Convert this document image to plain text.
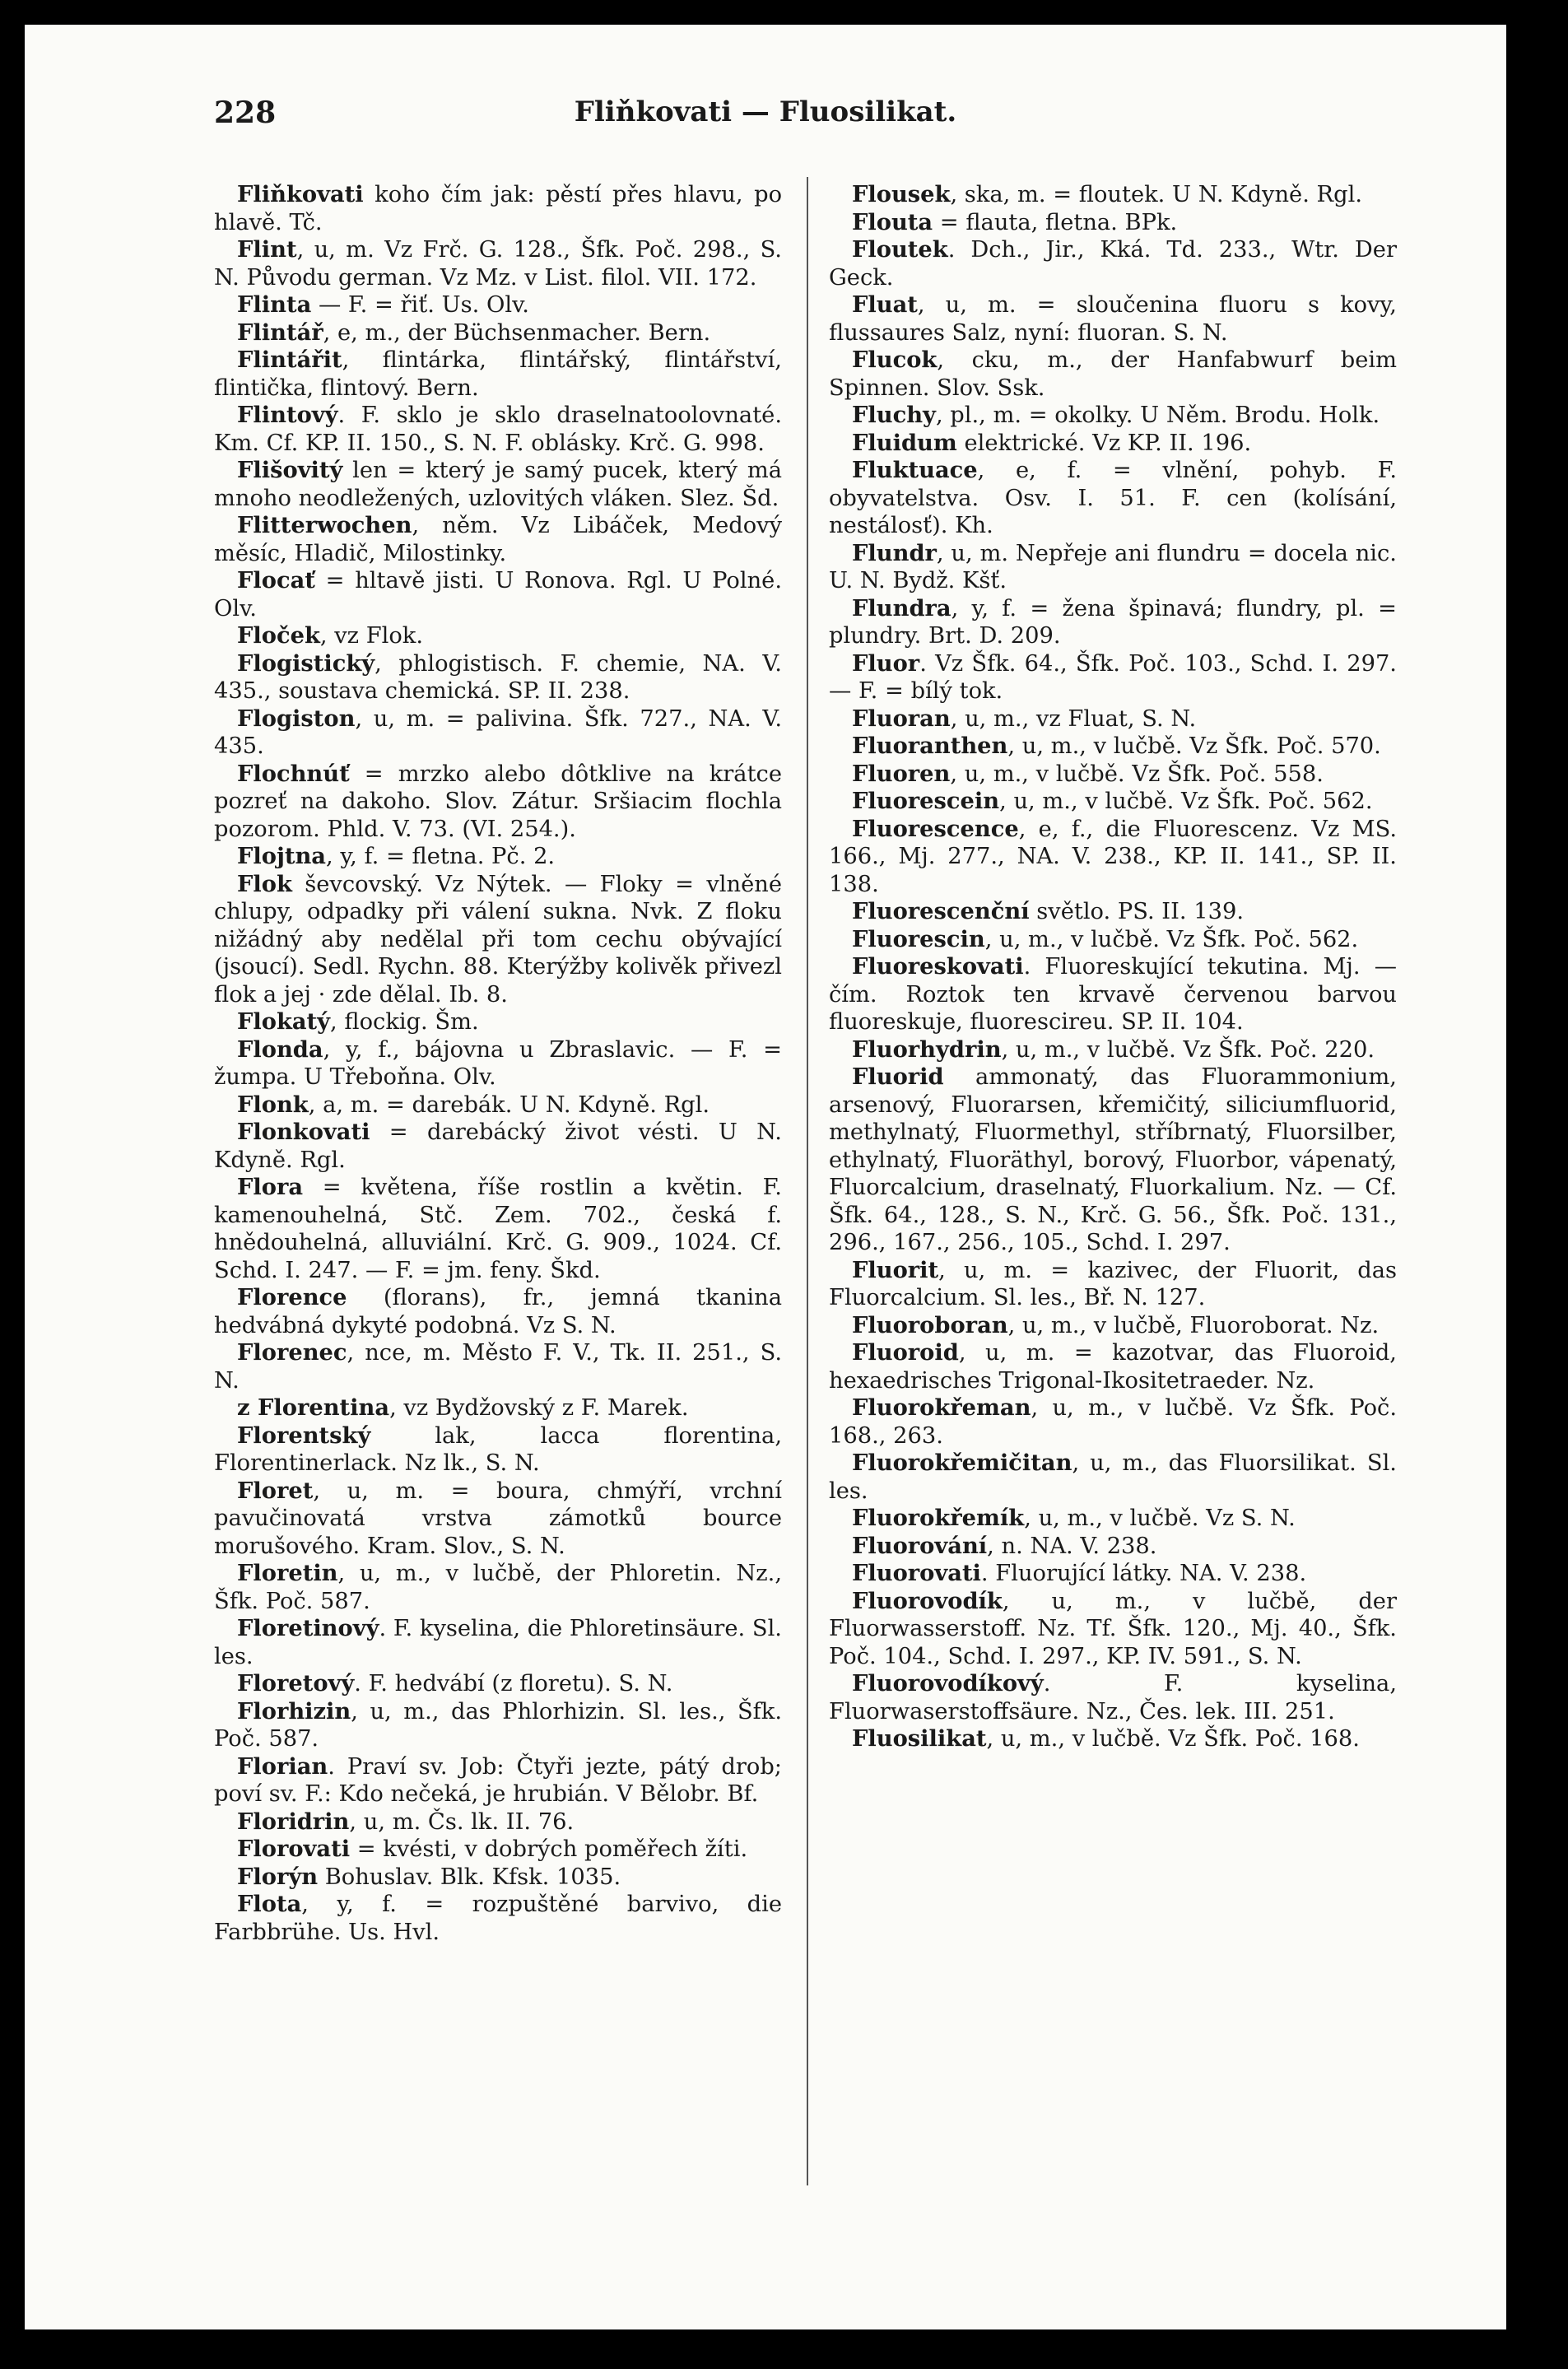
228	Fliňkovati — Fluosilikat.

Fliňkovati koho čím jak: pěstí přes hlavu, po hlavě. Tč.

Flint, u, m. Vz Frč. G. 128., Šfk. Poč. 298., S. N. Původu german. Vz Mz. v List. filol. VII. 172.

Flinta — F. = řiť. Us. Olv.

Flintář, e, m., der Büchsenmacher. Bern.

Flintářit, flintárka, flintářský, flintářství, flintička, flintový. Bern.

Flintový. F. sklo je sklo draselnatoolovnaté. Km. Cf. KP. II. 150., S. N. F. oblásky. Krč. G. 998.

Flišovitý len = který je samý pucek, který má mnoho neodležených, uzlovitých vláken. Slez. Šd.

Flitterwochen, něm. Vz Libáček, Medový měsíc, Hladič, Milostinky.

Flocať = hltavě jisti. U Ronova. Rgl. U Polné. Olv.

Floček, vz Flok.

Flogistický, phlogistisch. F. chemie, NA. V. 435., soustava chemická. SP. II. 238.

Flogiston, u, m. = palivina. Šfk. 727., NA. V. 435.

Flochnúť = mrzko alebo dôtklive na krátce pozreť na dakoho. Slov. Zátur. Sršiacim flochla pozorom. Phld. V. 73. (VI. 254.).

Flojtna, y, f. = fletna. Pč. 2.

Flok ševcovský. Vz Nýtek. — Floky = vlněné chlupy, odpadky při válení sukna. Nvk. Z floku nižádný aby nedělal při tom cechu obývající (jsoucí). Sedl. Rychn. 88. Kterýžby kolivěk přivezl flok a jej · zde dělal. Ib. 8.

Flokatý, flockig. Šm.

Flonda, y, f., bájovna u Zbraslavic. — F. = žumpa. U Třeboňna. Olv.

Flonk, a, m. = darebák. U N. Kdyně. Rgl.

Flonkovati = darebácký život vésti. U N. Kdyně. Rgl.

Flora = květena, říše rostlin a květin. F. kamenouhelná, Stč. Zem. 702., česká f. hnědouhelná, alluviální. Krč. G. 909., 1024. Cf. Schd. I. 247. — F. = jm. feny. Škd.

Florence (florans), fr., jemná tkanina hedvábná dykyté podobná. Vz S. N.

Florenec, nce, m. Město F. V., Tk. II. 251., S. N.

z Florentina, vz Bydžovský z F. Marek.

Florentský lak, lacca florentina, Florentinerlack. Nz lk., S. N.

Floret, u, m. = boura, chmýří, vrchní pavučinovatá vrstva zámotků bource morušového. Kram. Slov., S. N.

Floretin, u, m., v lučbě, der Phloretin. Nz., Šfk. Poč. 587.

Floretinový. F. kyselina, die Phloretinsäure. Sl. les.

Floretový. F. hedvábí (z floretu). S. N.

Florhizin, u, m., das Phlorhizin. Sl. les., Šfk. Poč. 587.

Florian. Praví sv. Job: Čtyři jezte, pátý drob; poví sv. F.: Kdo nečeká, je hrubián. V Bělobr. Bf.

Floridrin, u, m. Čs. lk. II. 76.

Florovati = kvésti, v dobrých poměřech žíti.

Florýn Bohuslav. Blk. Kfsk. 1035.

Flota, y, f. = rozpuštěné barvivo, die Farbbrühe. Us. Hvl.

Flousek, ska, m. = floutek. U N. Kdyně. Rgl.

Flouta = flauta, fletna. BPk.

Floutek. Dch., Jir., Kká. Td. 233., Wtr. Der Geck.

Fluat, u, m. = sloučenina fluoru s kovy, flussaures Salz, nyní: fluoran. S. N.

Flucok, cku, m., der Hanfabwurf beim Spinnen. Slov. Ssk.

Fluchy, pl., m. = okolky. U Něm. Brodu. Holk.

Fluidum elektrické. Vz KP. II. 196.

Fluktuace, e, f. = vlnění, pohyb. F. obyvatelstva. Osv. I. 51. F. cen (kolísání, nestálosť). Kh.

Flundr, u, m. Nepřeje ani flundru = docela nic. U. N. Bydž. Kšť.

Flundra, y, f. = žena špinavá; flundry, pl. = plundry. Brt. D. 209.

Fluor. Vz Šfk. 64., Šfk. Poč. 103., Schd. I. 297. — F. = bílý tok.

Fluoran, u, m., vz Fluat, S. N.

Fluoranthen, u, m., v lučbě. Vz Šfk. Poč. 570.

Fluoren, u, m., v lučbě. Vz Šfk. Poč. 558.

Fluorescein, u, m., v lučbě. Vz Šfk. Poč. 562.

Fluorescence, e, f., die Fluorescenz. Vz MS. 166., Mj. 277., NA. V. 238., KP. II. 141., SP. II. 138.

Fluorescenční světlo. PS. II. 139.

Fluorescin, u, m., v lučbě. Vz Šfk. Poč. 562.

Fluoreskovati. Fluoreskující tekutina. Mj. — čím. Roztok ten krvavě červenou barvou fluoreskuje, fluorescireu. SP. II. 104.

Fluorhydrin, u, m., v lučbě. Vz Šfk. Poč. 220.

Fluorid ammonatý, das Fluorammonium, arsenový, Fluorarsen, křemičitý, siliciumfluorid, methylnatý, Fluormethyl, stříbrnatý, Fluorsilber, ethylnatý, Fluoräthyl, borový, Fluorbor, vápenatý, Fluorcalcium, draselnatý, Fluorkalium. Nz. — Cf. Šfk. 64., 128., S. N., Krč. G. 56., Šfk. Poč. 131., 296., 167., 256., 105., Schd. I. 297.

Fluorit, u, m. = kazivec, der Fluorit, das Fluorcalcium. Sl. les., Bř. N. 127.

Fluoroboran, u, m., v lučbě, Fluoroborat. Nz.

Fluoroid, u, m. = kazotvar, das Fluoroid, hexaedrisches Trigonal-Ikositetraeder. Nz.

Fluorokřeman, u, m., v lučbě. Vz Šfk. Poč. 168., 263.

Fluorokřemičitan, u, m., das Fluorsilikat. Sl. les.

Fluorokřemík, u, m., v lučbě. Vz S. N.

Fluorování, n. NA. V. 238.

Fluorovati. Fluorující látky. NA. V. 238.

Fluorovodík, u, m., v lučbě, der Fluorwasserstoff. Nz. Tf. Šfk. 120., Mj. 40., Šfk. Poč. 104., Schd. I. 297., KP. IV. 591., S. N.

Fluorovodíkový. F. kyselina, Fluorwaserstoffsäure. Nz., Čes. lek. III. 251.

Fluosilikat, u, m., v lučbě. Vz Šfk. Poč. 168.
